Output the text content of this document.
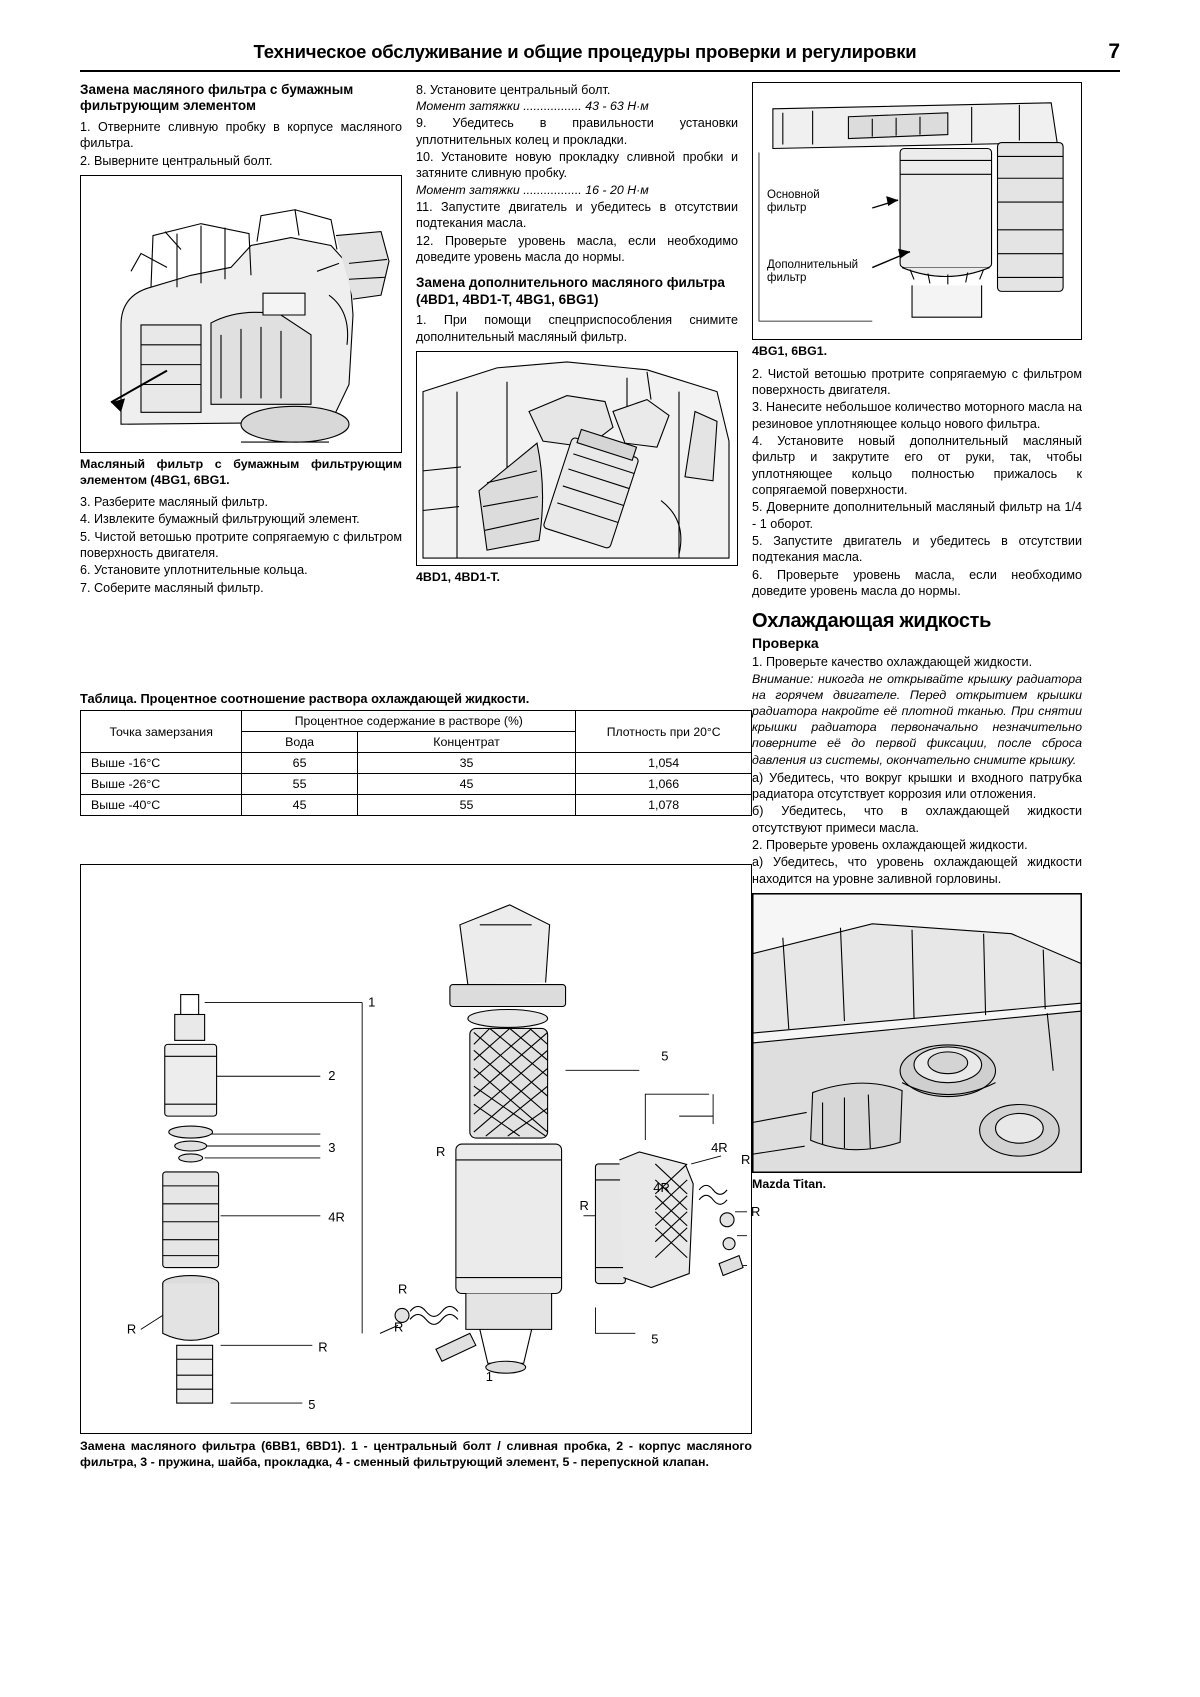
Техническое обслуживание и общие процедуры проверки и регулировки	7
Замена масляного фильтра с бумажным фильтрующим элементом

1. Отверните сливную пробку в корпусе масляного фильтра.

2. Выверните центральный болт.

Масляный фильтр с бумажным фильтрующим элементом (4BG1, 6BG1.

3. Разберите масляный фильтр.

4. Извлеките бумажный фильтрующий элемент.

5. Чистой ветошью протрите сопрягаемую с фильтром поверхность двигателя.

6. Установите уплотнительные кольца.

7. Соберите масляный фильтр.

8. Установите центральный болт.

Момент затяжки ................. 43 - 63 Н·м

9. Убедитесь в правильности установки уплотнительных колец и прокладки.

10. Установите новую прокладку сливной пробки и затяните сливную пробку.

Момент затяжки ................. 16 - 20 Н·м

11. Запустите двигатель и убедитесь в отсутствии подтекания масла.

12. Проверьте уровень масла, если необходимо доведите уровень масла до нормы.

Замена дополнительного масляного фильтра (4BD1, 4BD1-Т, 4BG1, 6BG1)

1. При помощи спецприспособления снимите дополнительный масляный фильтр.

4BD1, 4BD1-Т.

Основной
фильтр
Дополнительный
фильтр

4BG1, 6BG1.

2. Чистой ветошью протрите сопрягаемую с фильтром поверхность двигателя.

3. Нанесите небольшое количество моторного масла на резиновое уплотняющее кольцо нового фильтра.

4. Установите новый дополнительный масляный фильтр и закрутите его от руки, так, чтобы уплотняющее кольцо полностью прижалось к сопрягаемой поверхности.

5. Доверните дополнительный масляный фильтр на 1/4 - 1 оборот.

5. Запустите двигатель и убедитесь в отсутствии подтекания масла.

6. Проверьте уровень масла, если необходимо доведите уровень масла до нормы.

Охлаждающая жидкость
Проверка

1. Проверьте качество охлаждающей жидкости.

Внимание: никогда не открывайте крышку радиатора на горячем двигателе. Перед открытием крышки радиатора накройте её плотной тканью. При снятии крышки радиатора первоначально незначительно поверните её до первой фиксации, после сброса давления из системы, окончательно снимите крышку.

а) Убедитесь, что вокруг крышки и входного патрубка радиатора отсутствует коррозия или отложения.

б) Убедитесь, что в охлаждающей жидкости отсутствуют примеси масла.

2. Проверьте уровень охлаждающей жидкости.

а) Убедитесь, что уровень охлаждающей жидкости находится на уровне заливной горловины.

Mazda Titan.

Таблица. Процентное соотношение раствора охлаждающей жидкости.
Точка замерзания	Процентное содержание в растворе (%)		Плотность при 20°С
	Вода	Концентрат	
Выше -16°С	65	35	1,054
Выше -26°С	55	45	1,066
Выше -40°С	45	55	1,078
1
2
3
4R
R
R
5
5
4R
R
R
R
1
5
4R
R
R
R

Замена масляного фильтра (6ВВ1, 6BD1). 1 - центральный болт / сливная пробка, 2 - корпус масляного фильтра, 3 - пружина, шайба, прокладка, 4 - сменный фильтрующий элемент, 5 - перепускной клапан.
